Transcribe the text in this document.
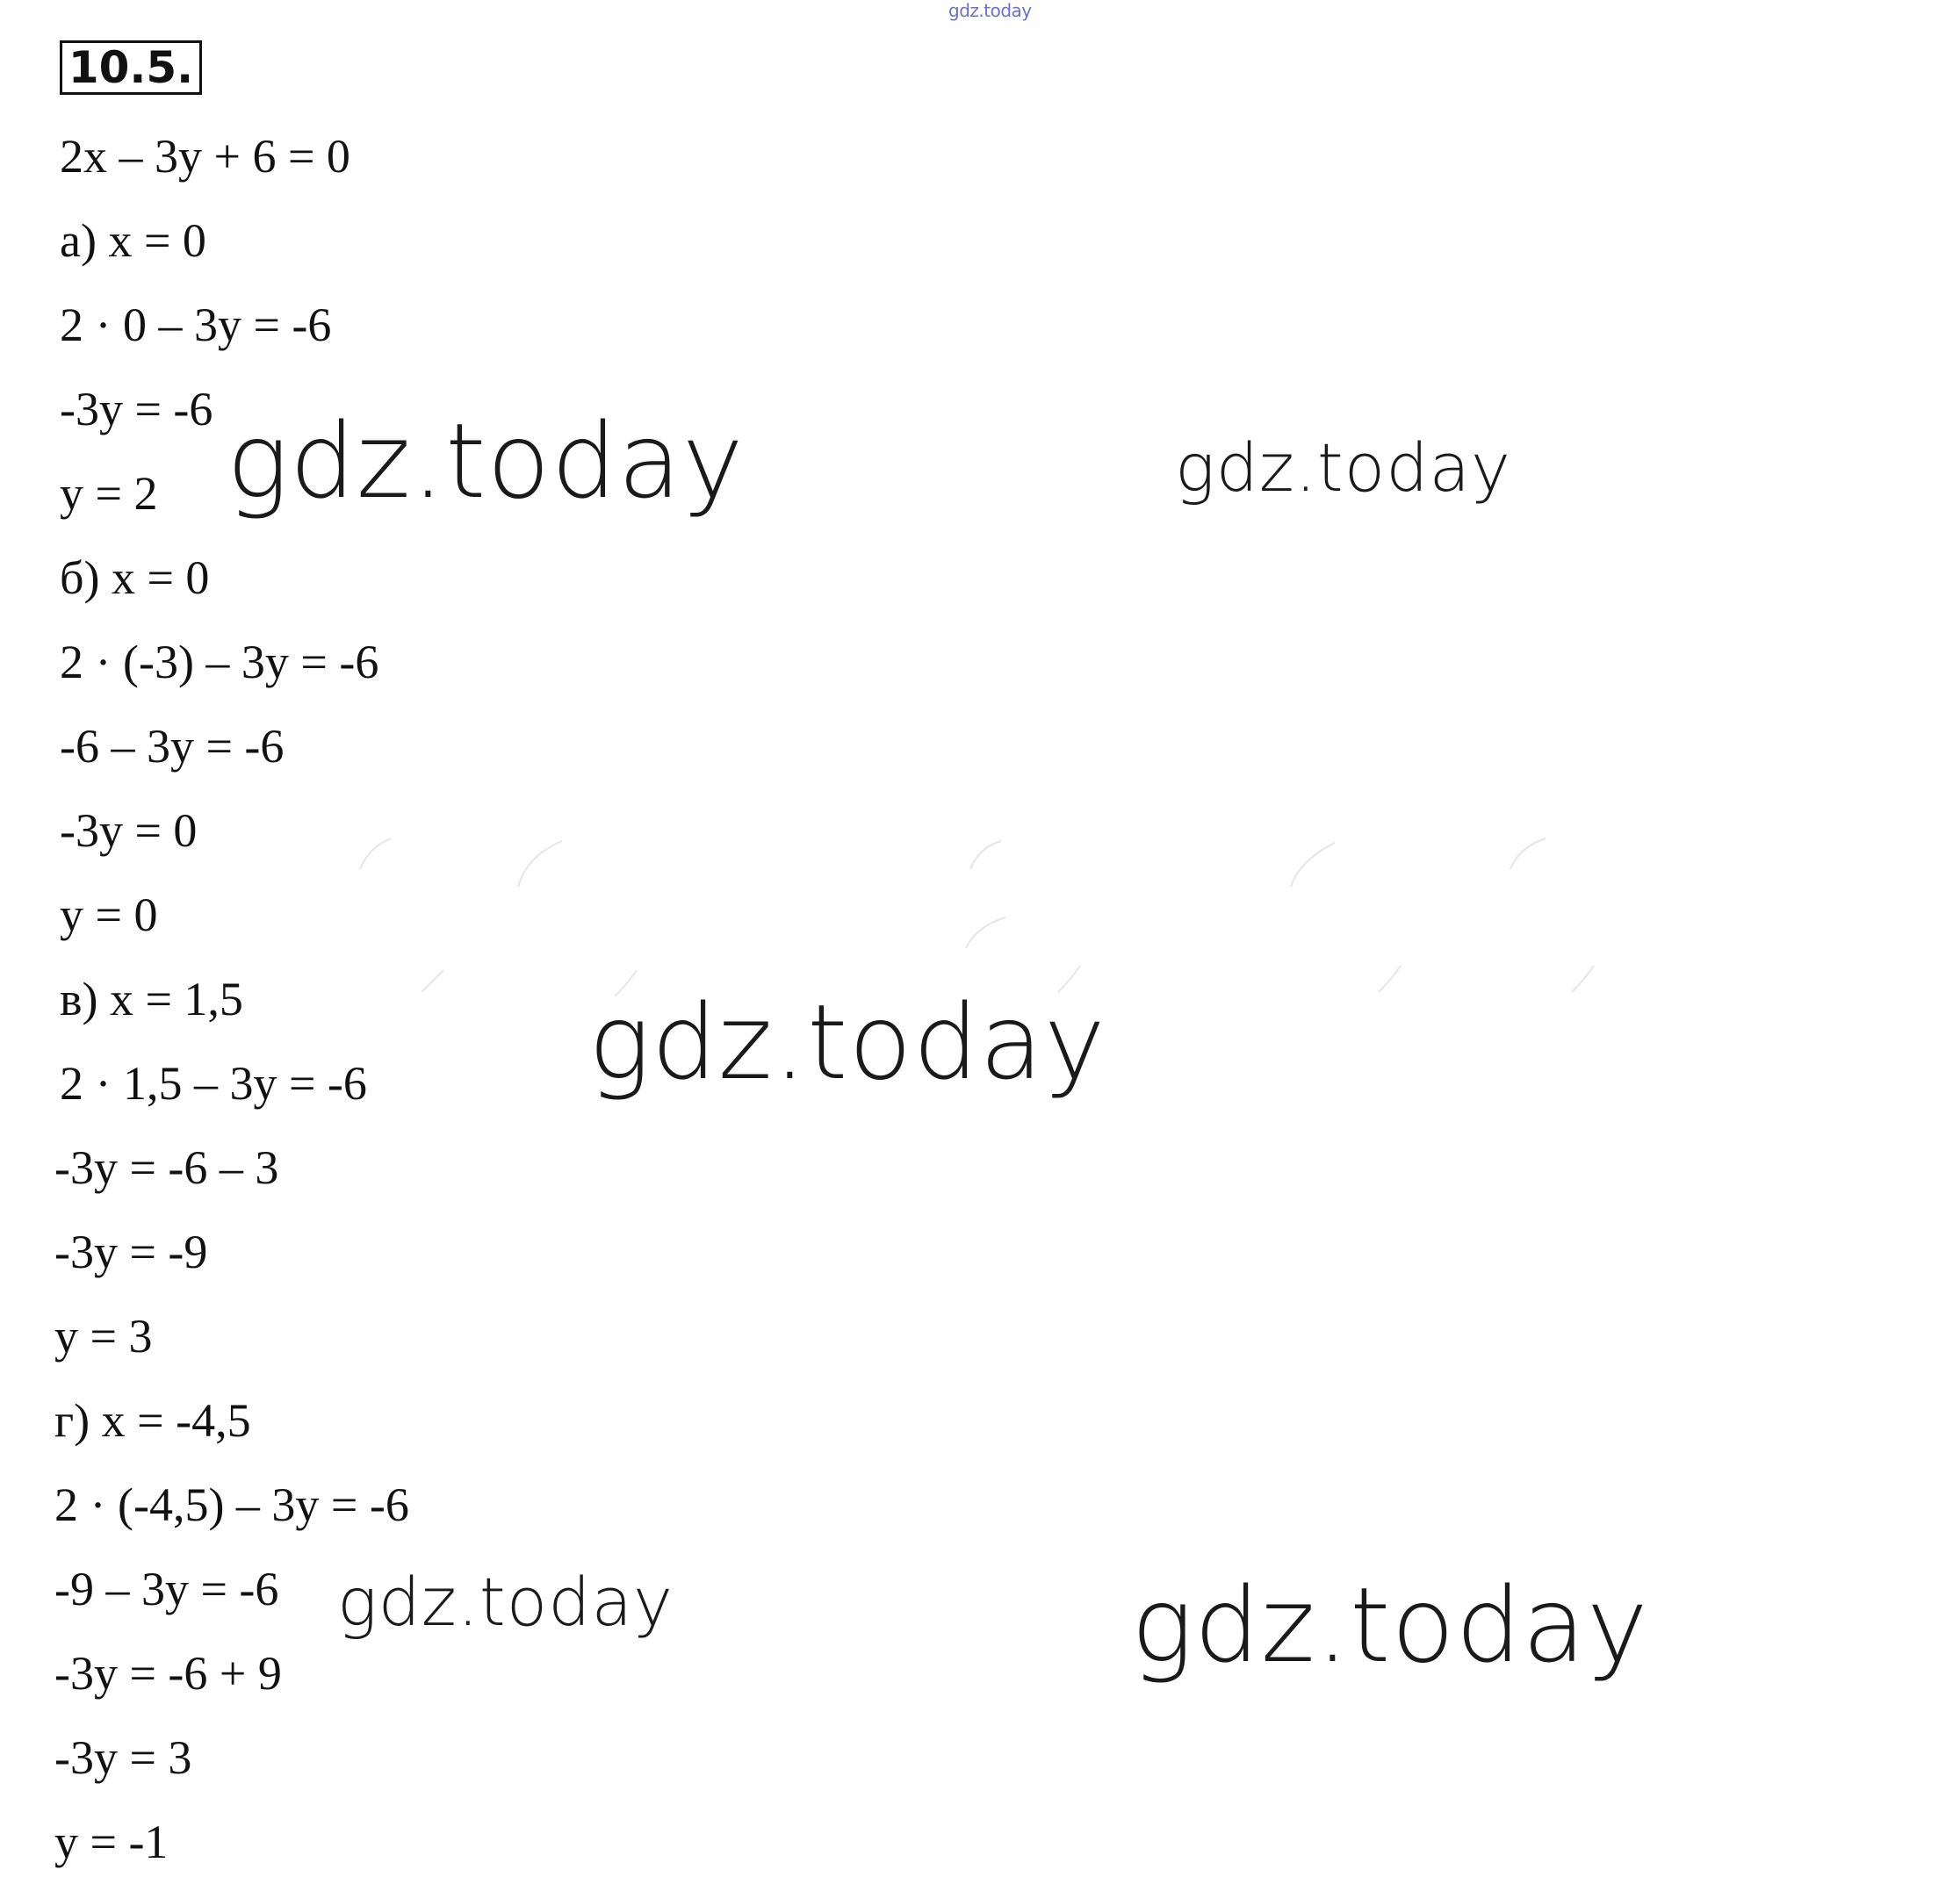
gdz.today
10.5.
2x – 3y + 6 = 0
а) x = 0
2 · 0 – 3y = -6
-3y = -6
y = 2
б) x = 0
2 · (-3) – 3y = -6
-6 – 3y = -6
-3y = 0
y = 0
в) x = 1,5
2 · 1,5 – 3y = -6
-3y = -6 – 3
-3y = -9
y = 3
г) x = -4,5
2 · (-4,5) – 3y = -6
-9 – 3y = -6
-3y = -6 + 9
-3y = 3
y = -1
gdz.today	gdz.today
gdz.today
gdz.today	gdz.today
